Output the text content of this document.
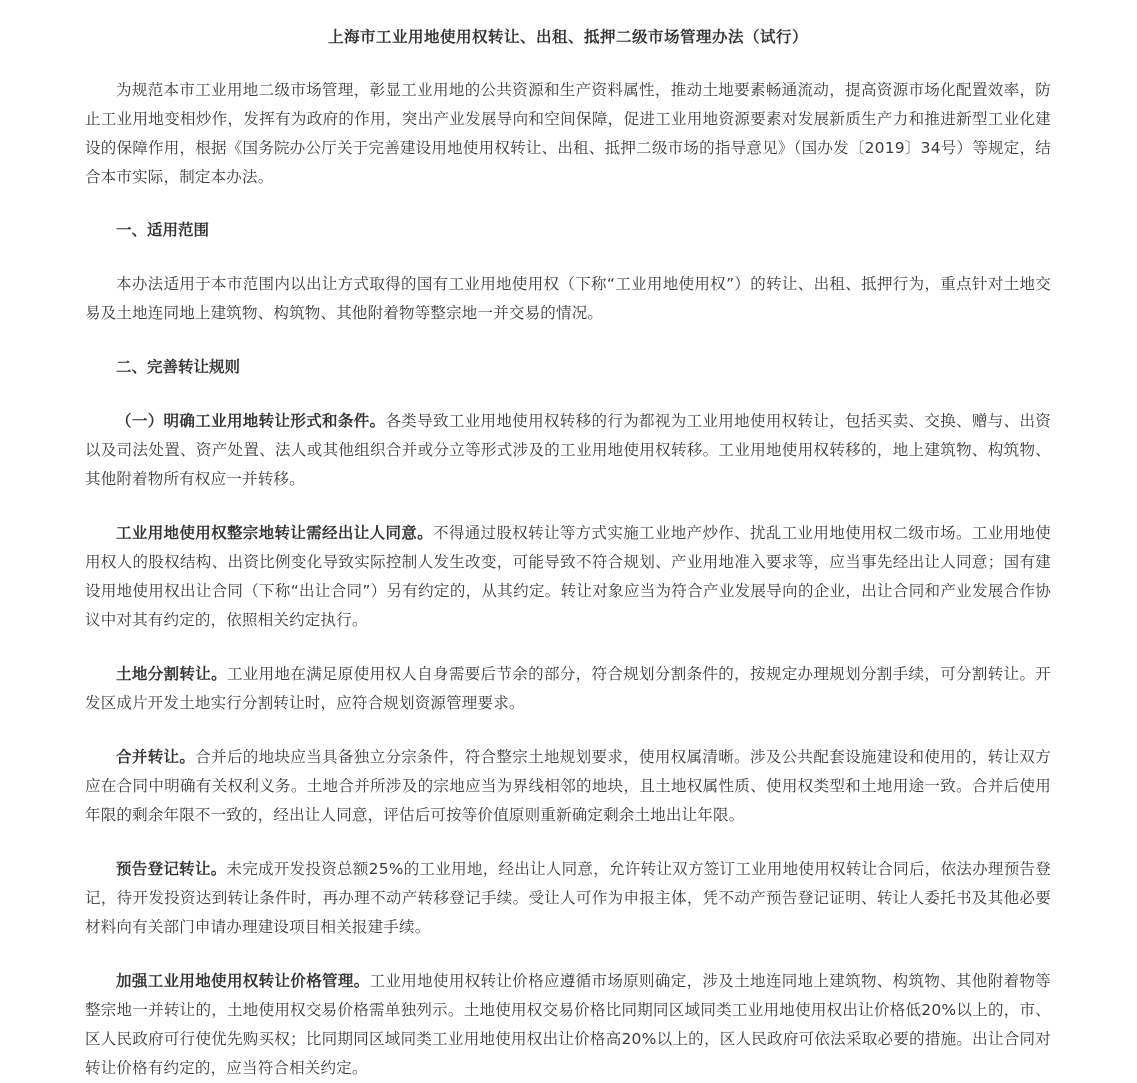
上海市工业用地使用权转让、出租、抵押二级市场管理办法（试行）

为规范本市工业用地二级市场管理，彰显工业用地的公共资源和生产资料属性，推动土地要素畅通流动，提高资源市场化配置效率，防止工业用地变相炒作，发挥有为政府的作用，突出产业发展导向和空间保障，促进工业用地资源要素对发展新质生产力和推进新型工业化建设的保障作用，根据《国务院办公厅关于完善建设用地使用权转让、出租、抵押二级市场的指导意见》（国办发〔2019〕34号）等规定，结合本市实际，制定本办法。

一、适用范围

本办法适用于本市范围内以出让方式取得的国有工业用地使用权（下称“工业用地使用权”）的转让、出租、抵押行为，重点针对土地交易及土地连同地上建筑物、构筑物、其他附着物等整宗地一并交易的情况。

二、完善转让规则

（一）明确工业用地转让形式和条件。各类导致工业用地使用权转移的行为都视为工业用地使用权转让，包括买卖、交换、赠与、出资以及司法处置、资产处置、法人或其他组织合并或分立等形式涉及的工业用地使用权转移。工业用地使用权转移的，地上建筑物、构筑物、其他附着物所有权应一并转移。

工业用地使用权整宗地转让需经出让人同意。不得通过股权转让等方式实施工业地产炒作、扰乱工业用地使用权二级市场。工业用地使用权人的股权结构、出资比例变化导致实际控制人发生改变，可能导致不符合规划、产业用地准入要求等，应当事先经出让人同意；国有建设用地使用权出让合同（下称“出让合同”）另有约定的，从其约定。转让对象应当为符合产业发展导向的企业，出让合同和产业发展合作协议中对其有约定的，依照相关约定执行。

土地分割转让。工业用地在满足原使用权人自身需要后节余的部分，符合规划分割条件的，按规定办理规划分割手续，可分割转让。开发区成片开发土地实行分割转让时，应符合规划资源管理要求。

合并转让。合并后的地块应当具备独立分宗条件，符合整宗土地规划要求，使用权属清晰。涉及公共配套设施建设和使用的，转让双方应在合同中明确有关权利义务。土地合并所涉及的宗地应当为界线相邻的地块，且土地权属性质、使用权类型和土地用途一致。合并后使用年限的剩余年限不一致的，经出让人同意，评估后可按等价值原则重新确定剩余土地出让年限。

预告登记转让。未完成开发投资总额25%的工业用地，经出让人同意，允许转让双方签订工业用地使用权转让合同后，依法办理预告登记，待开发投资达到转让条件时，再办理不动产转移登记手续。受让人可作为申报主体，凭不动产预告登记证明、转让人委托书及其他必要材料向有关部门申请办理建设项目相关报建手续。

加强工业用地使用权转让价格管理。工业用地使用权转让价格应遵循市场原则确定，涉及土地连同地上建筑物、构筑物、其他附着物等整宗地一并转让的，土地使用权交易价格需单独列示。土地使用权交易价格比同期同区域同类工业用地使用权出让价格低20%以上的，市、区人民政府可行使优先购买权；比同期同区域同类工业用地使用权出让价格高20%以上的，区人民政府可依法采取必要的措施。出让合同对转让价格有约定的，应当符合相关约定。
